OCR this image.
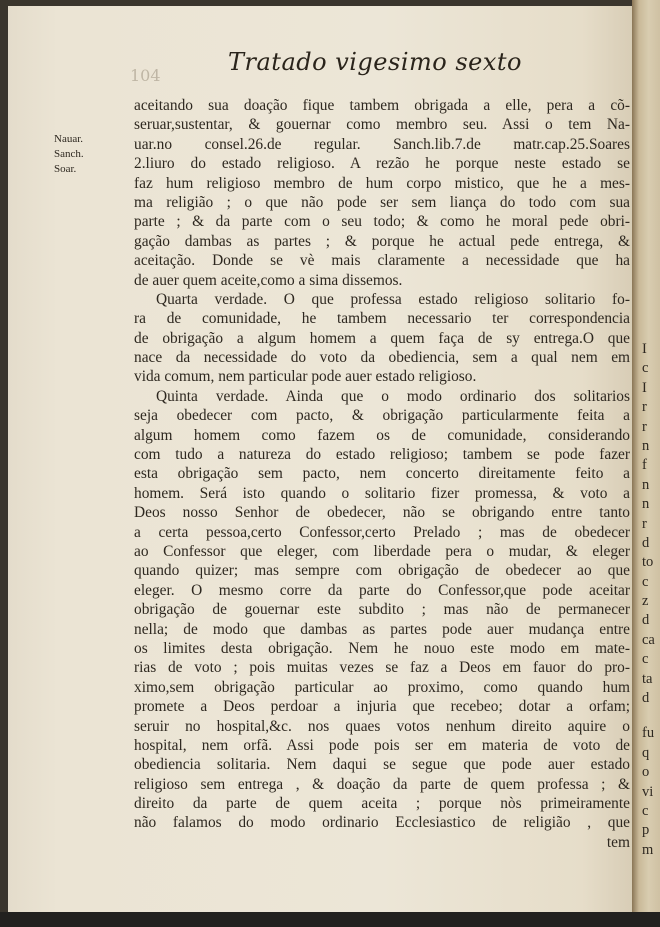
104	Tratado vigesimo sexto
Nauar.
Sanch.
Soar.
aceitando sua doação fique tambem obrigada a elle, pera a cõ-
seruar,sustentar, & gouernar como membro seu. Assi o tem Na-
uar.no consel.26.de regular. Sanch.lib.7.de matr.cap.25.Soares
2.liuro do estado religioso. A rezão he porque neste estado se
faz hum religioso membro de hum corpo mistico, que he a mes-
ma religião ; o que não pode ser sem liança do todo com sua
parte ; & da parte com o seu todo; & como he moral pede obri-
gação dambas as partes ; & porque he actual pede entrega, &
aceitação. Donde se vè mais claramente a necessidade que ha
de auer quem aceite,como a sima dissemos.
Quarta verdade. O que professa estado religioso solitario fo-
ra de comunidade, he tambem necessario ter correspondencia
de obrigação a algum homem a quem faça de sy entrega.O que
nace da necessidade do voto da obediencia, sem a qual nem em
vida comum, nem particular pode auer estado religioso.
Quinta verdade. Ainda que o modo ordinario dos solitarios
seja obedecer com pacto, & obrigação particularmente feita a
algum homem como fazem os de comunidade, considerando
com tudo a natureza do estado religioso; tambem se pode fazer
esta obrigação sem pacto, nem concerto direitamente feito a
homem. Será isto quando o solitario fizer promessa, & voto a
Deos nosso Senhor de obedecer, não se obrigando entre tanto
a certa pessoa,certo Confessor,certo Prelado ; mas de obedecer
ao Confessor que eleger, com liberdade pera o mudar, & eleger
quando quizer; mas sempre com obrigação de obedecer ao que
eleger. O mesmo corre da parte do Confessor,que pode aceitar
obrigação de gouernar este subdito ; mas não de permanecer
nella; de modo que dambas as partes pode auer mudança entre
os limites desta obrigação. Nem he nouo este modo em mate-
rias de voto ; pois muitas vezes se faz a Deos em fauor do pro-
ximo,sem obrigação particular ao proximo, como quando hum
promete a Deos perdoar a injuria que recebeo; dotar a orfam;
seruir no hospital,&c. nos quaes votos nenhum direito aquire o
hospital, nem orfã. Assi pode pois ser em materia de voto de
obediencia solitaria. Nem daqui se segue que pode auer estado
religioso sem entrega , & doação da parte de quem professa ; &
direito da parte de quem aceita ; porque nòs primeiramente
não falamos do modo ordinario Ecclesiastico de religião , que
tem
I
c
I
r
r
n
f
n
n
r
d
to
c
z
d
ca
c
ta
d
fu
q
o
vi
c
p
m
